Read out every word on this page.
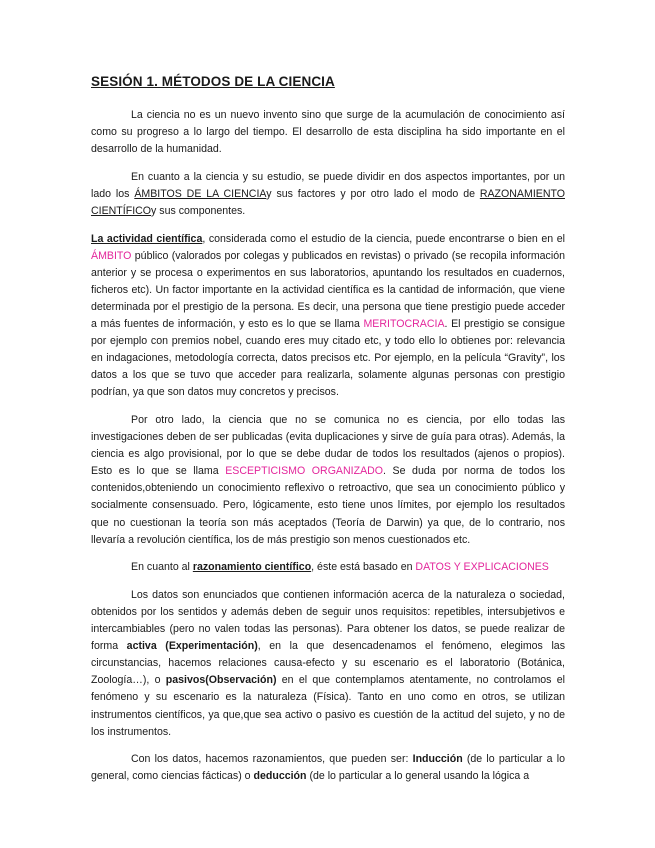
SESIÓN 1. MÉTODOS DE LA CIENCIA

La ciencia no es un nuevo invento sino que surge de la acumulación de conocimiento así como su progreso a lo largo del tiempo. El desarrollo de esta disciplina ha sido importante en el desarrollo de la humanidad.

En cuanto a la ciencia y su estudio, se puede dividir en dos aspectos importantes, por un lado los ÁMBITOS DE LA CIENCIAy sus factores y por otro lado el modo de RAZONAMIENTO CIENTÍFICOy sus componentes.

La actividad científica, considerada como el estudio de la ciencia, puede encontrarse o bien en el ÁMBITO público (valorados por colegas y publicados en revistas) o privado (se recopila información anterior y se procesa o experimentos en sus laboratorios, apuntando los resultados en cuadernos, ficheros etc). Un factor importante en la actividad científica es la cantidad de información, que viene determinada por el prestigio de la persona. Es decir, una persona que tiene prestigio puede acceder a más fuentes de información, y esto es lo que se llama MERITOCRACIA. El prestigio se consigue por ejemplo con premios nobel, cuando eres muy citado etc, y todo ello lo obtienes por: relevancia en indagaciones, metodología correcta, datos precisos etc. Por ejemplo, en la película “Gravity”, los datos a los que se tuvo que acceder para realizarla, solamente algunas personas con prestigio podrían, ya que son datos muy concretos y precisos.

Por otro lado, la ciencia que no se comunica no es ciencia, por ello todas las investigaciones deben de ser publicadas (evita duplicaciones y sirve de guía para otras). Además, la ciencia es algo provisional, por lo que se debe dudar de todos los resultados (ajenos o propios). Esto es lo que se llama ESCEPTICISMO ORGANIZADO. Se duda por norma de todos los contenidos,obteniendo un conocimiento reflexivo o retroactivo, que sea un conocimiento público y socialmente consensuado. Pero, lógicamente, esto tiene unos límites, por ejemplo los resultados que no cuestionan la teoría son más aceptados (Teoría de Darwin) ya que, de lo contrario, nos llevaría a revolución científica, los de más prestigio son menos cuestionados etc.

En cuanto al razonamiento científico, éste está basado en DATOS Y EXPLICACIONES

Los datos son enunciados que contienen información acerca de la naturaleza o sociedad, obtenidos por los sentidos y además deben de seguir unos requisitos: repetibles, intersubjetivos e intercambiables (pero no valen todas las personas). Para obtener los datos, se puede realizar de forma activa (Experimentación), en la que desencadenamos el fenómeno, elegimos las circunstancias, hacemos relaciones causa-efecto y su escenario es el laboratorio (Botánica, Zoología…), o pasivos(Observación) en el que contemplamos atentamente, no controlamos el fenómeno y su escenario es la naturaleza (Física). Tanto en uno como en otros, se utilizan instrumentos científicos, ya que,que sea activo o pasivo es cuestión de la actitud del sujeto, y no de los instrumentos.

Con los datos, hacemos razonamientos, que pueden ser: Inducción (de lo particular a lo general, como ciencias fácticas) o deducción (de lo particular a lo general usando la lógica a
